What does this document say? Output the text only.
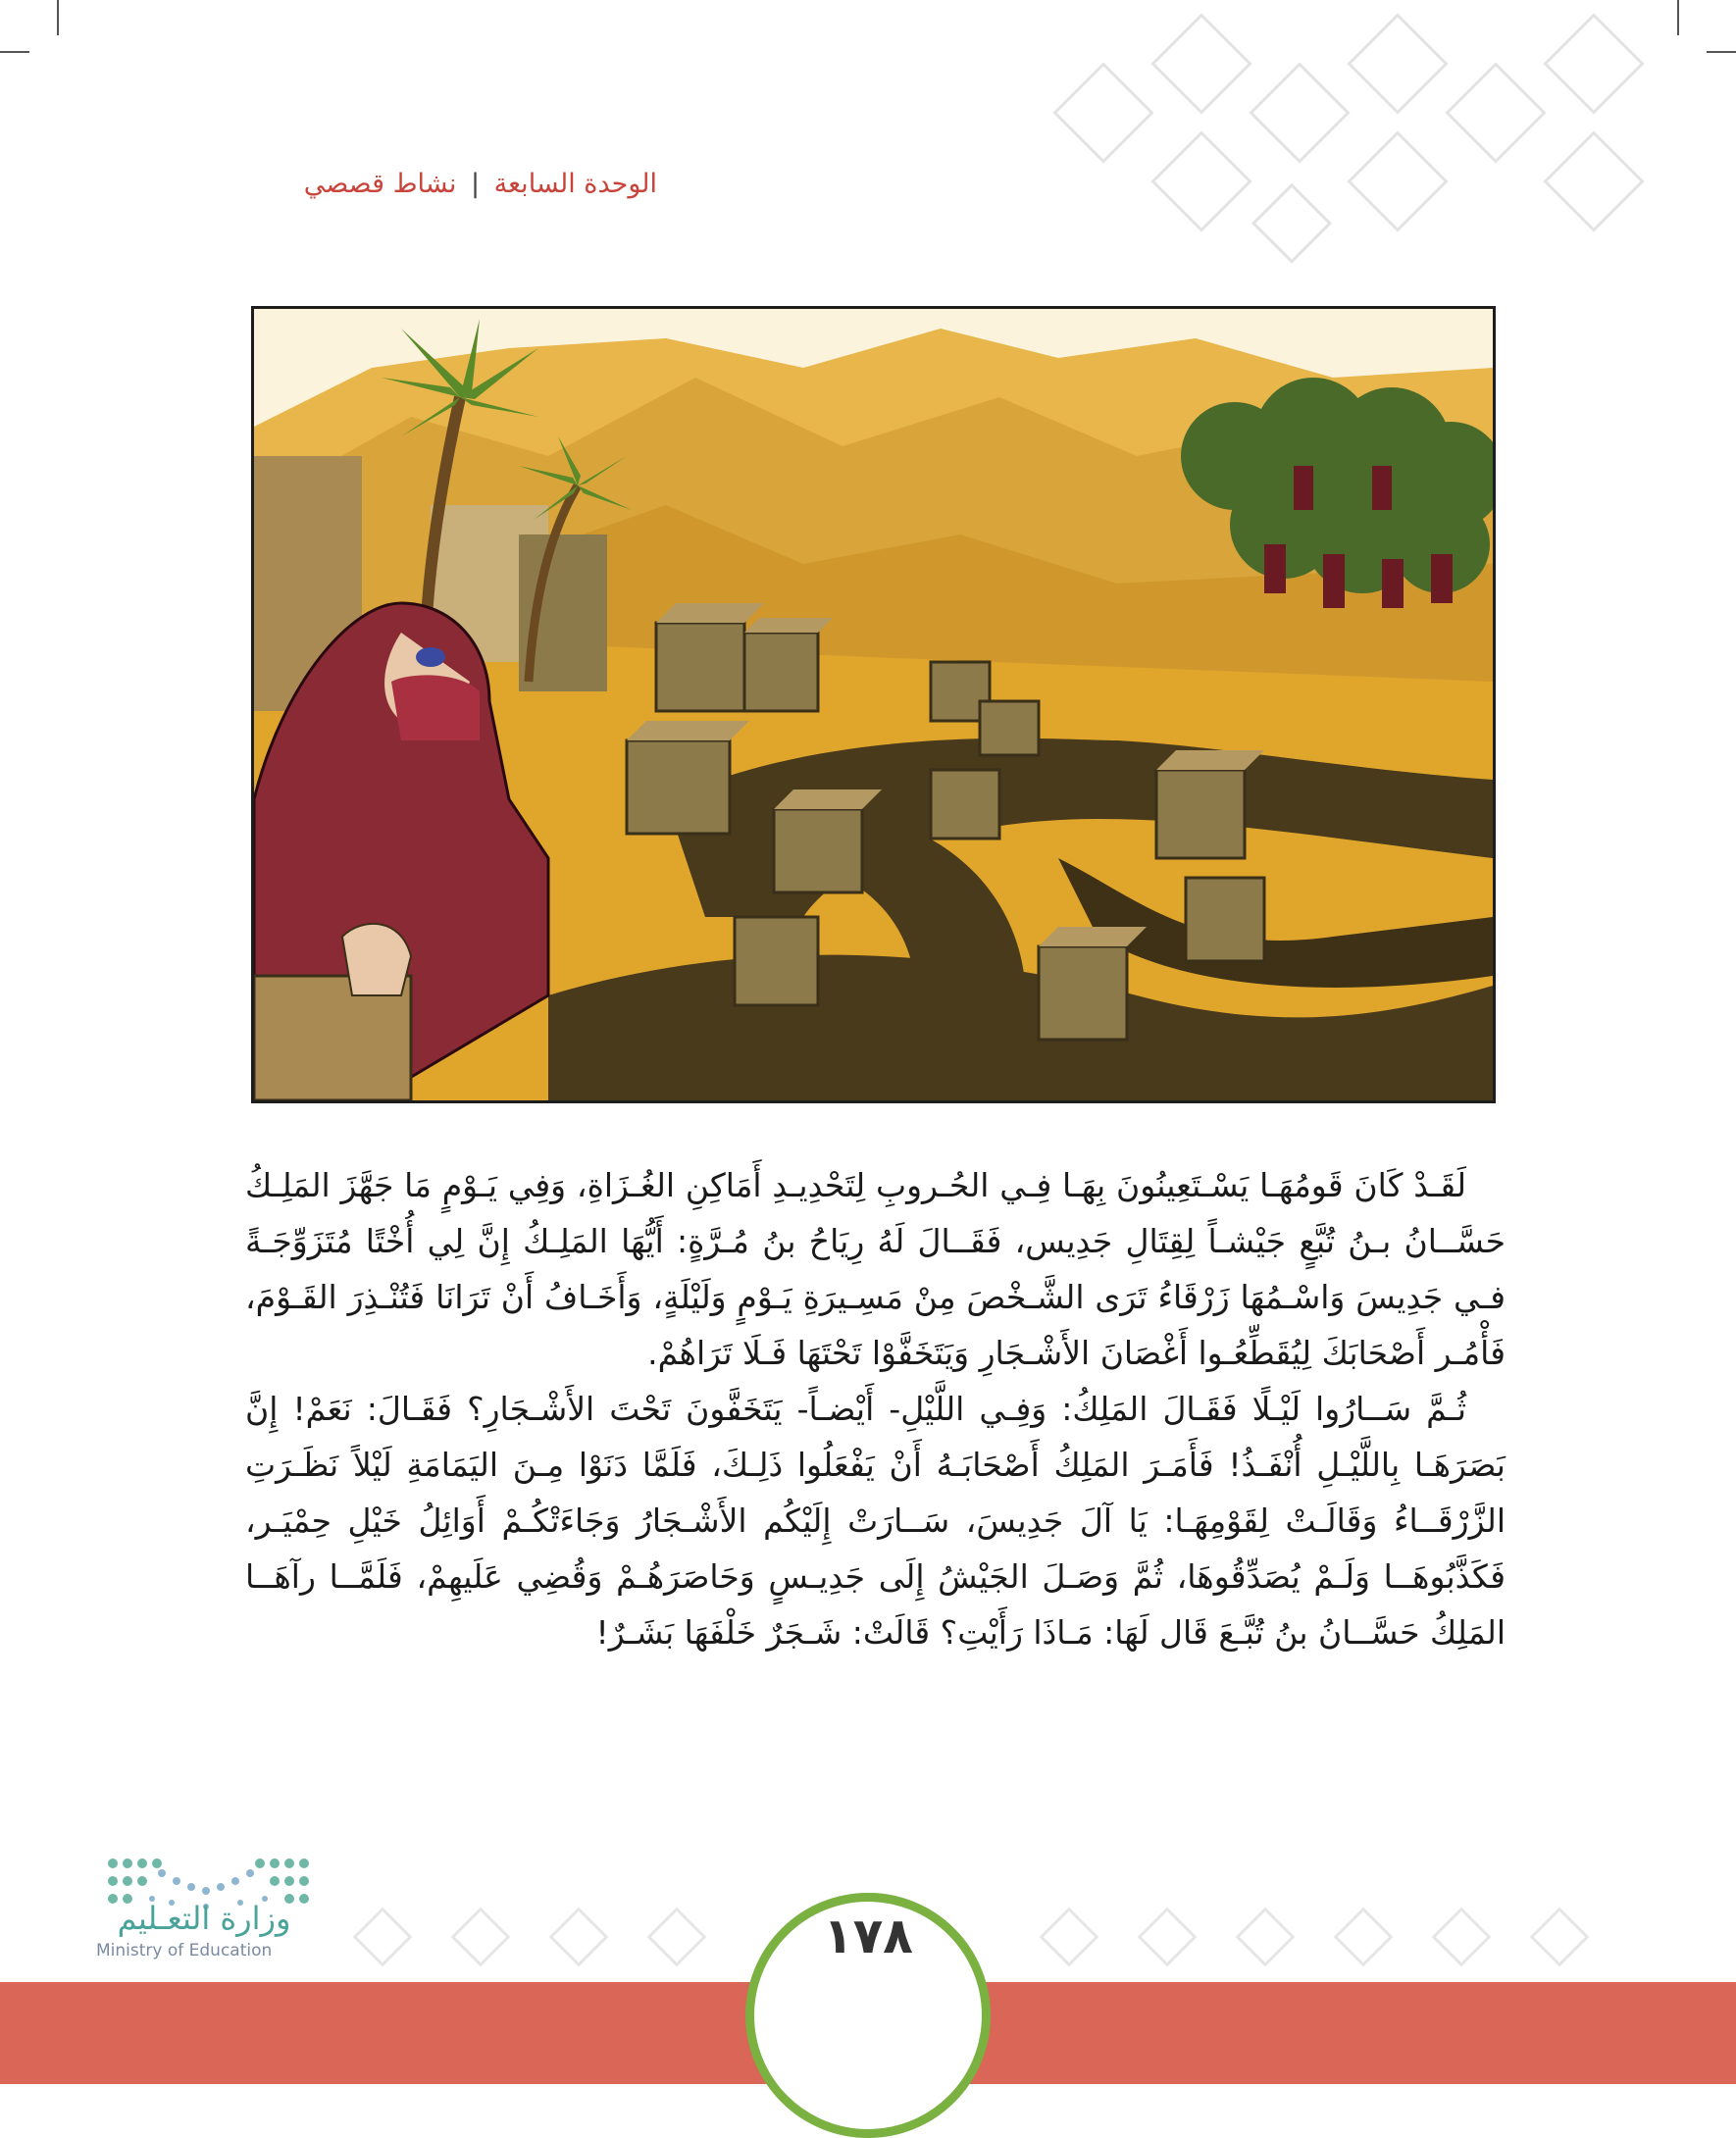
الوحدة السابعة | نشاط قصصي

لَقَـدْ كَانَ قَومُهَـا يَسْـتَعِينُونَ بِهَـا فِـي الحُـروبِ لِتَحْدِيـدِ أَمَاكِنِ الغُـزَاةِ، وَفِي يَـوْمٍ مَا جَهَّزَ المَلِـكُ حَسَّــانُ بـنُ تُبَّعٍ جَيْشـاً لِقِتَالِ جَدِيس، فَقَــالَ لَهُ رِيَاحُ بنُ مُـرَّةٍ: أَيُّهَا المَلِـكُ إِنَّ لِي أُخْتًا مُتَزَوِّجَـةً فـي جَدِيسَ وَاسْـمُهَا زَرْقَاءُ تَرَى الشَّـخْصَ مِنْ مَسِـيرَةِ يَـوْمٍ وَلَيْلَةٍ، وَأَخَـافُ أَنْ تَرَانَا فَتُنْـذِرَ القَـوْمَ، فَأْمُـر أَصْحَابَكَ لِيُقَطِّعُـوا أَغْصَانَ الأَشْـجَارِ وَيَتَخَفَّوْا تَحْتَهَا فَـلَا تَرَاهُمْ.

ثُـمَّ سَــارُوا لَيْـلًا فَقَـالَ المَلِكُ: وَفِـي اللَّيْلِ- أَيْضـاً- يَتَخَفَّونَ تَحْتَ الأَشْـجَارِ؟ فَقَـالَ: نَعَمْ! إِنَّ بَصَرَهَـا بِاللَّيْـلِ أُنْفَـذُ! فَأَمَـرَ المَلِكُ أَصْحَابَـهُ أَنْ يَفْعَلُوا ذَلِـكَ، فَلَمَّا دَنَوْا مِـنَ اليَمَامَةِ لَيْلاً نَظَـرَتِ الزَّرْقَــاءُ وَقَالَـتْ لِقَوْمِهَـا: يَا آلَ جَدِيسَ، سَــارَتْ إِلَيْكُم الأَشْـجَارُ وَجَاءَتْكُـمْ أَوَائِلُ خَيْلِ حِمْيَـر، فَكَذَّبُوهَــا وَلَـمْ يُصَدِّقُوهَا، ثُمَّ وَصَـلَ الجَيْشُ إِلَى جَدِيـسٍ وَحَاصَرَهُـمْ وَقُضِي عَلَيهِمْ، فَلَمَّــا رآهَــا المَلِكُ حَسَّــانُ بنُ تُبَّـعَ قَال لَهَا: مَـاذَا رَأَيْتِ؟ قَالَتْ: شَـجَرٌ خَلْفَهَا بَشَـرٌ!

١٧٨
وزارة التعـليم
Ministry of Education
2025 - 1447
